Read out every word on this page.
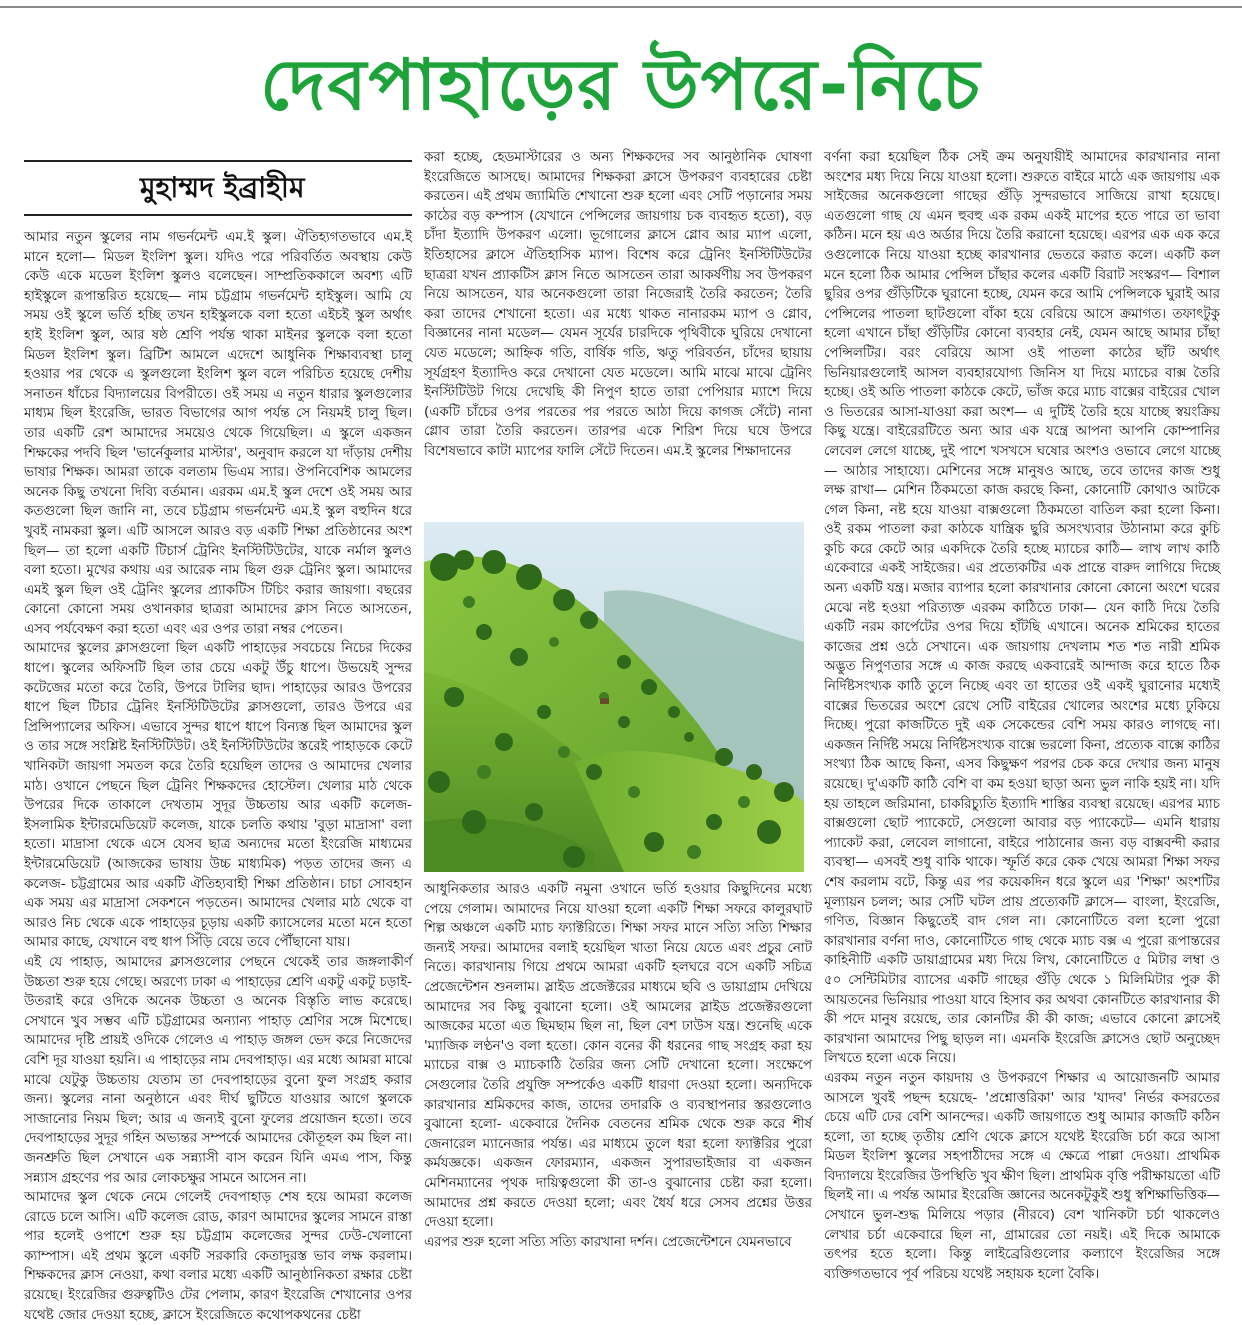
দেবপাহাড়ের উপরে-নিচে
মুহাম্মদ ইব্রাহীম

আমার নতুন স্কুলের নাম গভর্নমেন্ট এম.ই স্কুল। ঐতিহ্যগতভাবে এম.ই মানে হলো— মিডল ইংলিশ স্কুল। যদিও পরে পরিবর্তিত অবস্থায় কেউ কেউ একে মডেল ইংলিশ স্কুলও বলেছেন। সাম্প্রতিককালে অবশ্য এটি হাইস্কুলে রূপান্তরিত হয়েছে— নাম চট্টগ্রাম গভর্নমেন্ট হাইস্কুল। আমি যে সময় ওই স্কুলে ভর্তি হচ্ছি তখন হাইস্কুলকে বলা হতো এইচই স্কুল অর্থাৎ হাই ইংলিশ স্কুল, আর ষষ্ঠ শ্রেণি পর্যন্ত থাকা মাইনর স্কুলকে বলা হতো মিডল ইংলিশ স্কুল। ব্রিটিশ আমলে এদেশে আধুনিক শিক্ষাব্যবস্থা চালু হওয়ার পর থেকে এ স্কুলগুলো ইংলিশ স্কুল বলে পরিচিত হয়েছে দেশীয় সনাতন ধাঁচের বিদ্যালয়ের বিপরীতে। ওই সময় এ নতুন ধারার স্কুলগুলোর মাধ্যম ছিল ইংরেজি, ভারত বিভাগের আগ পর্যন্ত সে নিয়মই চালু ছিল। তার একটি রেশ আমাদের সময়েও থেকে গিয়েছিল। এ স্কুলে একজন শিক্ষকের পদবি ছিল 'ভার্নেকুলার মাস্টার', অনুবাদ করলে যা দাঁড়ায় দেশীয় ভাষার শিক্ষক। আমরা তাকে বলতাম ভিএম স্যার। ঔপনিবেশিক আমলের অনেক কিছু তখনো দিব্যি বর্তমান। এরকম এম.ই স্কুল দেশে ওই সময় আর কতগুলো ছিল জানি না, তবে চট্টগ্রাম গভর্নমেন্ট এম.ই স্কুল বহুদিন ধরে খুবই নামকরা স্কুল। এটি আসলে আরও বড় একটি শিক্ষা প্রতিষ্ঠানের অংশ ছিল— তা হলো একটি টিচার্স ট্রেনিং ইনস্টিটিউটের, যাকে নর্মাল স্কুলও বলা হতো। মুখের কথায় এর আরেক নাম ছিল গুরু ট্রেনিং স্কুল। আমাদের এমই স্কুল ছিল ওই ট্রেনিং স্কুলের প্র্যাকটিস টিচিং করার জায়গা। বছরের কোনো কোনো সময় ওখানকার ছাত্ররা আমাদের ক্লাস নিতে আসতেন, এসব পর্যবেক্ষণ করা হতো এবং এর ওপর তারা নম্বর পেতেন।

আমাদের স্কুলের ক্লাসগুলো ছিল একটি পাহাড়ের সবচেয়ে নিচের দিকের ধাপে। স্কুলের অফিসটি ছিল তার চেয়ে একটু উঁচু ধাপে। উভয়েই সুন্দর কটেজের মতো করে তৈরি, উপরে টালির ছাদ। পাহাড়ের আরও উপরের ধাপে ছিল টিচার ট্রেনিং ইনস্টিটিউটের ক্লাসগুলো, তারও উপরে এর প্রিন্সিপ্যালের অফিস। এভাবে সুন্দর ধাপে ধাপে বিন্যস্ত ছিল আমাদের স্কুল ও তার সঙ্গে সংশ্লিষ্ট ইনস্টিটিউট। ওই ইনস্টিটিউটের স্তরেই পাহাড়কে কেটে খানিকটা জায়গা সমতল করে তৈরি হয়েছিল তাদের ও আমাদের খেলার মাঠ। ওখানে পেছনে ছিল ট্রেনিং শিক্ষকদের হোস্টেল। খেলার মাঠ থেকে উপরের দিকে তাকালে দেখতাম সুদূর উচ্চতায় আর একটি কলেজ- ইসলামিক ইন্টারমেডিয়েট কলেজ, যাকে চলতি কথায় 'বুড়া মাদ্রাসা' বলা হতো। মাদ্রাসা থেকে এসে যেসব ছাত্র অন্যদের মতো ইংরেজি মাধ্যমের ইন্টারমেডিয়েট (আজকের ভাষায় উচ্চ মাধ্যমিক) পড়ত তাদের জন্য এ কলেজ- চট্টগ্রামের আর একটি ঐতিহ্যবাহী শিক্ষা প্রতিষ্ঠান। চাচা সোবহান এক সময় এর মাদ্রাসা সেকশনে পড়তেন। আমাদের খেলার মাঠ থেকে বা আরও নিচ থেকে একে পাহাড়ের চূড়ায় একটি ক্যাসেলের মতো মনে হতো আমার কাছে, যেখানে বহু ধাপ সিঁড়ি বেয়ে তবে পৌঁছানো যায়।

এই যে পাহাড়, আমাদের ক্লাসগুলোর পেছনে থেকেই তার জঙ্গলাকীর্ণ উচ্চতা শুরু হয়ে গেছে। অরণ্যে ঢাকা এ পাহাড়ের শ্রেণি একটু একটু চড়াই-উতরাই করে ওদিকে অনেক উচ্চতা ও অনেক বিস্তৃতি লাভ করেছে। সেখানে খুব সম্ভব এটি চট্টগ্রামের অন্যান্য পাহাড় শ্রেণির সঙ্গে মিশেছে। আমাদের দৃষ্টি প্রায়ই ওদিকে গেলেও এ পাহাড় জঙ্গল ভেদ করে নিজেদের বেশি দূর যাওয়া হয়নি। এ পাহাড়ের নাম দেবপাহাড়। এর মধ্যে আমরা মাঝে মাঝে যেটুকু উচ্চতায় যেতাম তা দেবপাহাড়ের বুনো ফুল সংগ্রহ করার জন্য। স্কুলের নানা অনুষ্ঠানে এবং দীর্ঘ ছুটিতে যাওয়ার আগে স্কুলকে সাজানোর নিয়ম ছিল; আর এ জন্যই বুনো ফুলের প্রয়োজন হতো। তবে দেবপাহাড়ের সুদূর গহিন অভ্যন্তর সম্পর্কে আমাদের কৌতূহল কম ছিল না। জনশ্রুতি ছিল সেখানে এক সন্ন্যাসী বাস করেন যিনি এমএ পাস, কিন্তু সন্ন্যাস গ্রহণের পর আর লোকচক্ষুর সামনে আসেন না।

আমাদের স্কুল থেকে নেমে গেলেই দেবপাহাড় শেষ হয়ে আমরা কলেজ রোডে চলে আসি। এটি কলেজ রোড, কারণ আমাদের স্কুলের সামনে রাস্তা পার হলেই ওপাশে শুরু হয় চট্টগ্রাম কলেজের সুন্দর ঢেউ-খেলানো ক্যাম্পাস। এই প্রথম স্কুলে একটি সরকারি কেতাদুরস্ত ভাব লক্ষ করলাম। শিক্ষকদের ক্লাস নেওয়া, কথা বলার মধ্যে একটি আনুষ্ঠানিকতা রক্ষার চেষ্টা রয়েছে। ইংরেজির গুরুত্বটিও টের পেলাম, কারণ ইংরেজি শেখানোর ওপর যথেষ্ট জোর দেওয়া হচ্ছে, ক্লাসে ইংরেজিতে কথোপকথনের চেষ্টা

করা হচ্ছে, হেডমাস্টারের ও অন্য শিক্ষকদের সব আনুষ্ঠানিক ঘোষণা ইংরেজিতে আসছে। আমাদের শিক্ষকরা ক্লাসে উপকরণ ব্যবহারের চেষ্টা করতেন। এই প্রথম জ্যামিতি শেখানো শুরু হলো এবং সেটি পড়ানোর সময় কাঠের বড় কম্পাস (যেখানে পেন্সিলের জায়গায় চক ব্যবহৃত হতো), বড় চাঁদা ইত্যাদি উপকরণ এলো। ভূগোলের ক্লাসে গ্লোব আর ম্যাপ এলো, ইতিহাসের ক্লাসে ঐতিহাসিক ম্যাপ। বিশেষ করে ট্রেনিং ইনস্টিটিউটের ছাত্ররা যখন প্র্যাকটিস ক্লাস নিতে আসতেন তারা আকর্ষণীয় সব উপকরণ নিয়ে আসতেন, যার অনেকগুলো তারা নিজেরাই তৈরি করতেন; তৈরি করা তাদের শেখানো হতো। এর মধ্যে থাকত নানারকম ম্যাপ ও গ্লোব, বিজ্ঞানের নানা মডেল— যেমন সূর্যের চারদিকে পৃথিবীকে ঘুরিয়ে দেখানো যেত মডেলে; আহ্নিক গতি, বার্ষিক গতি, ঋতু পরিবর্তন, চাঁদের ছায়ায় সূর্যগ্রহণ ইত্যাদিও করে দেখানো যেত মডেলে। আমি মাঝে মাঝে ট্রেনিং ইনস্টিটিউট গিয়ে দেখেছি কী নিপুণ হাতে তারা পেপিয়ার ম্যাশে দিয়ে (একটি চাঁচের ওপর পরতের পর পরতে আঠা দিয়ে কাগজ সেঁটে) নানা গ্লোব তারা তৈরি করতেন। তারপর একে শিরিশ দিয়ে ঘষে উপরে বিশেষভাবে কাটা ম্যাপের ফালি সেঁটে দিতেন। এম.ই স্কুলের শিক্ষাদানের

আধুনিকতার আরও একটি নমুনা ওখানে ভর্তি হওয়ার কিছুদিনের মধ্যে পেয়ে গেলাম। আমাদের নিয়ে যাওয়া হলো একটি শিক্ষা সফরে কালুরঘাট শিল্প অঞ্চলে একটি ম্যাচ ফ্যাক্টরিতে। শিক্ষা সফর মানে সত্যি সত্যি শিক্ষার জন্যই সফর। আমাদের বলাই হয়েছিল খাতা নিয়ে যেতে এবং প্রচুর নোট নিতে। কারখানায় গিয়ে প্রথমে আমরা একটি হলঘরে বসে একটি সচিত্র প্রেজেন্টেশন শুনলাম। স্লাইড প্রজেক্টরের মাধ্যমে ছবি ও ডায়াগ্রাম দেখিয়ে আমাদের সব কিছু বুঝানো হলো। ওই আমলের স্লাইড প্রজেক্টরগুলো আজকের মতো এত ছিমছাম ছিল না, ছিল বেশ ঢাউস যন্ত্র। শুনেছি একে 'ম্যাজিক লণ্ঠন'ও বলা হতো। কোন বনের কী ধরনের গাছ সংগ্রহ করা হয় ম্যাচের বাক্স ও ম্যাচকাঠি তৈরির জন্য সেটি দেখানো হলো। সংক্ষেপে সেগুলোর তৈরি প্রযুক্তি সম্পর্কেও একটি ধারণা দেওয়া হলো। অন্যদিকে কারখানার শ্রমিকদের কাজ, তাদের তদারকি ও ব্যবস্থাপনার স্তরগুলোও বুঝানো হলো- একেবারে দৈনিক বেতনের শ্রমিক থেকে শুরু করে শীর্ষ জেনারেল ম্যানেজার পর্যন্ত। এর মাধ্যমে তুলে ধরা হলো ফ্যাক্টরির পুরো কর্মযজ্ঞকে। একজন ফোরম্যান, একজন সুপারভাইজার বা একজন মেশিনম্যানের পৃথক দায়িত্বগুলো কী তা-ও বুঝানোর চেষ্টা করা হলো। আমাদের প্রশ্ন করতে দেওয়া হলো; এবং ধৈর্য ধরে সেসব প্রশ্নের উত্তর দেওয়া হলো।

এরপর শুরু হলো সত্যি সত্যি কারখানা দর্শন। প্রেজেন্টেশনে যেমনভাবে

বর্ণনা করা হয়েছিল ঠিক সেই ক্রম অনুযায়ীই আমাদের কারখানার নানা অংশের মধ্য দিয়ে নিয়ে যাওয়া হলো। শুরুতে বাইরে মাঠে এক জায়গায় এক সাইজের অনেকগুলো গাছের গুঁড়ি সুন্দরভাবে সাজিয়ে রাখা হয়েছে। এতগুলো গাছ যে এমন হুবহু এক রকম একই মাপের হতে পারে তা ভাবা কঠিন। মনে হয় এও অর্ডার দিয়ে তৈরি করানো হয়েছে। এরপর এক এক করে ওগুলোকে নিয়ে যাওয়া হচ্ছে কারখানার ভেতরে করাত কলে। একটি কল মনে হলো ঠিক আমার পেন্সিল চাঁছার কলের একটি বিরাট সংস্করণ— বিশাল ছুরির ওপর গুঁড়িটিকে ঘুরানো হচ্ছে, যেমন করে আমি পেন্সিলকে ঘুরাই আর পেন্সিলের পাতলা ছাটগুলো বাঁকা হয়ে বেরিয়ে আসে ক্রমাগত। তফাৎটুকু হলো এখানে চাঁছা গুঁড়িটির কোনো ব্যবহার নেই, যেমন আছে আমার চাঁছা পেন্সিলটির। বরং বেরিয়ে আসা ওই পাতলা কাঠের ছাঁট অর্থাৎ ভিনিয়ারগুলোই আসল ব্যবহারযোগ্য জিনিস যা দিয়ে ম্যাচের বাক্স তৈরি হচ্ছে। ওই অতি পাতলা কাঠকে কেটে, ভাঁজ করে ম্যাচ বাক্সের বাইরের খোল ও ভিতরের আসা-যাওয়া করা অংশ— এ দুটিই তৈরি হয়ে যাচ্ছে স্বয়ংক্রিয় কিছু যন্ত্রে। বাইরেরটিতে অন্য আর এক যন্ত্রে আপনা আপনি কোম্পানির লেবেল লেগে যাচ্ছে, দুই পাশে খসখসে ঘষোর অংশও ওভাবে লেগে যাচ্ছে— আঠার সাহায্যে। মেশিনের সঙ্গে মানুষও আছে, তবে তাদের কাজ শুধু লক্ষ রাখা— মেশিন ঠিকমতো কাজ করছে কিনা, কোনোটি কোথাও আটকে গেল কিনা, নষ্ট হয়ে যাওয়া বাক্সগুলো ঠিকমতো বাতিল করা হলো কিনা। ওই রকম পাতলা করা কাঠকে যান্ত্রিক ছুরি অসংখ্যবার উঠানামা করে কুচি কুচি করে কেটে আর একদিকে তৈরি হচ্ছে ম্যাচের কাঠি— লাখ লাখ কাঠি একেবারে একই সাইজের। এর প্রত্যেকটির এক প্রান্তে বারুদ লাগিয়ে দিচ্ছে অন্য একটি যন্ত্র। মজার ব্যাপার হলো কারখানার কোনো কোনো অংশে ঘরের মেঝে নষ্ট হওয়া পরিত্যক্ত এরকম কাঠিতে ঢাকা— যেন কাঠি দিয়ে তৈরি একটি নরম কার্পেটের ওপর দিয়ে হাঁটছি এখানে। অনেক শ্রমিকের হাতের কাজের প্রশ্ন ওঠে সেখানে। এক জায়গায় দেখলাম শত শত নারী শ্রমিক অদ্ভুত নিপুণতার সঙ্গে এ কাজ করছে একবারেই আন্দাজ করে হাতে ঠিক নির্দিষ্টসংখ্যক কাঠি তুলে নিচ্ছে এবং তা হাতের ওই একই ঘুরানোর মধ্যেই বাক্সের ভিতরের অংশে রেখে সেটি বাইরের খোলের অংশের মধ্যে ঢুকিয়ে দিচ্ছে। পুরো কাজটিতে দুই এক সেকেন্ডের বেশি সময় কারও লাগছে না। একজন নির্দিষ্ট সময়ে নির্দিষ্টসংখ্যক বাক্সে ভরলো কিনা, প্রত্যেক বাক্সে কাঠির সংখ্যা ঠিক আছে কিনা, এসব কিছুক্ষণ পরপর চেক করে দেখার জন্য মানুষ রয়েছে। দু'একটি কাঠি বেশি বা কম হওয়া ছাড়া অন্য ভুল নাকি হয়ই না। যদি হয় তাহলে জরিমানা, চাকরিচ্যুতি ইত্যাদি শাস্তির ব্যবস্থা রয়েছে। এরপর ম্যাচ বাক্সগুলো ছোট প্যাকেটে, সেগুলো আবার বড় প্যাকেটে— এমনি ধারায় প্যাকেট করা, লেবেল লাগানো, বাইরে পাঠানোর জন্য বড় বাক্সবন্দী করার ব্যবস্থা— এসবই শুধু বাকি থাকে। স্ফূর্তি করে কেক খেয়ে আমরা শিক্ষা সফর শেষ করলাম বটে, কিন্তু এর পর কয়েকদিন ধরে স্কুলে এর 'শিক্ষা' অংশটির মূল্যায়ন চলল; আর সেটি ঘটল প্রায় প্রত্যেকটি ক্লাসে— বাংলা, ইংরেজি, গণিত, বিজ্ঞান কিছুতেই বাদ গেল না। কোনোটিতে বলা হলো পুরো কারখানার বর্ণনা দাও, কোনোটিতে গাছ থেকে ম্যাচ বক্স এ পুরো রূপান্তরের কাহিনীটি একটি ডায়াগ্রামের মধ্য দিয়ে লিখ, কোনোটিতে ৫ মিটার লম্বা ও ৫০ সেন্টিমিটার ব্যাসের একটি গাছের গুঁড়ি থেকে ১ মিলিমিটার পুরু কী আয়তনের ভিনিয়ার পাওয়া যাবে হিসাব কর অথবা কোনটিতে কারখানার কী কী পদে মানুষ রয়েছে, তার কোনটির কী কী কাজ; এভাবে কোনো ক্লাসেই কারখানা আমাদের পিছু ছাড়ল না। এমনকি ইংরেজি ক্লাসেও ছোট অনুচ্ছেদ লিখতে হলো একে নিয়ে।

এরকম নতুন নতুন কায়দায় ও উপকরণে শিক্ষার এ আয়োজনটি আমার আসলে খুবই পছন্দ হয়েছে- 'প্রশ্নোত্তরিকা' আর 'যাদব' নির্ভর কসরতের চেয়ে এটি ঢের বেশি আনন্দের। একটি জায়গাতে শুধু আমার কাজটি কঠিন হলো, তা হচ্ছে তৃতীয় শ্রেণি থেকে ক্লাসে যথেষ্ট ইংরেজি চর্চা করে আসা মিডল ইংলিশ স্কুলের সহপাঠীদের সঙ্গে এ ক্ষেত্রে পাল্লা দেওয়া। প্রাথমিক বিদ্যালয়ে ইংরেজির উপস্থিতি খুব ক্ষীণ ছিল। প্রাথমিক বৃত্তি পরীক্ষায়তো এটি ছিলই না। এ পর্যন্ত আমার ইংরেজি জ্ঞানের অনেকটুকুই শুধু স্বশিক্ষাভিত্তিক— সেখানে ভুল-শুদ্ধ মিলিয়ে পড়ার (নীরবে) বেশ খানিকটা চর্চা থাকলেও লেখার চর্চা একেবারে ছিল না, গ্রামারের তো নয়ই। এই দিকে আমাকে তৎপর হতে হলো। কিন্তু লাইব্রেরিগুলোর কল্যাণে ইংরেজির সঙ্গে ব্যক্তিগতভাবে পূর্ব পরিচয় যথেষ্ট সহায়ক হলো বৈকি।
